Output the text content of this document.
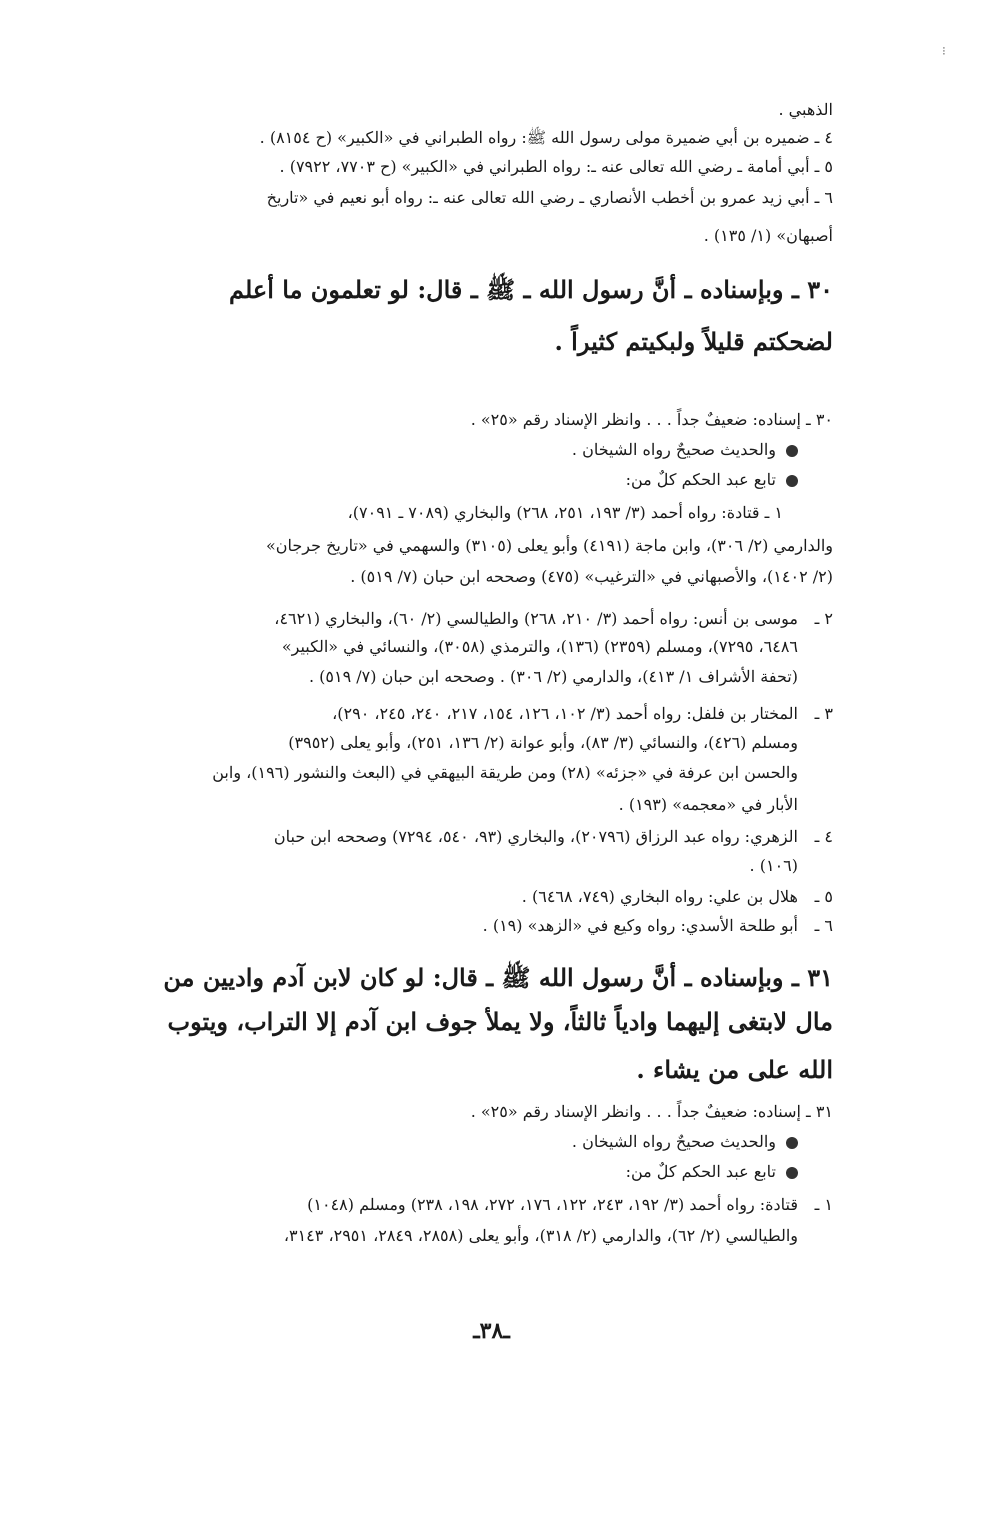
⁝
الذهبي .
٤ ـ ضميره بن أبي ضميرة مولى رسول الله ﷺ: رواه الطبراني في «الكبير» (ح ٨١٥٤) .
٥ ـ أبي أمامة ـ رضي الله تعالى عنه ـ: رواه الطبراني في «الكبير» (ح ٧٧٠٣، ٧٩٢٢) .
٦ ـ أبي زيد عمرو بن أخطب الأنصاري ـ رضي الله تعالى عنه ـ: رواه أبو نعيم في «تاريخ
أصبهان» (١/ ١٣٥) .
٣٠ ـ وبإسناده ـ أنَّ رسول الله ـ ﷺ ـ قال: لو تعلمون ما أعلم
لضحكتم قليلاً ولبكيتم كثيراً .
٣٠ ـ إسناده: ضعيفٌ جداً . . . وانظر الإسناد رقم «٢٥» .
والحديث صحيحٌ رواه الشيخان .
تابع عبد الحكم كلٌ من:
١ ـ قتادة: رواه أحمد (٣/ ١٩٣، ٢٥١، ٢٦٨) والبخاري (٧٠٨٩ ـ ٧٠٩١)،
والدارمي (٢/ ٣٠٦)، وابن ماجة (٤١٩١) وأبو يعلى (٣١٠٥) والسهمي في «تاريخ جرجان»
(٢/ ١٤٠٢)، والأصبهاني في «الترغيب» (٤٧٥) وصححه ابن حبان (٧/ ٥١٩) .
٢ ـ
موسى بن أنس: رواه أحمد (٣/ ٢١٠، ٢٦٨) والطيالسي (٢/ ٦٠)، والبخاري (٤٦٢١،
٦٤٨٦، ٧٢٩٥)، ومسلم (٢٣٥٩) (١٣٦)، والترمذي (٣٠٥٨)، والنسائي في «الكبير»
(تحفة الأشراف ١/ ٤١٣)، والدارمي (٢/ ٣٠٦) . وصححه ابن حبان (٧/ ٥١٩) .
٣ ـ
المختار بن فلفل: رواه أحمد (٣/ ١٠٢، ١٢٦، ١٥٤، ٢١٧، ٢٤٠، ٢٤٥، ٢٩٠)،
ومسلم (٤٢٦)، والنسائي (٣/ ٨٣)، وأبو عوانة (٢/ ١٣٦، ٢٥١)، وأبو يعلى (٣٩٥٢)
والحسن ابن عرفة في «جزئه» (٢٨) ومن طريقة البيهقي في (البعث والنشور (١٩٦)، وابن
الأبار في «معجمه» (١٩٣) .
٤ ـ
الزهري: رواه عبد الرزاق (٢٠٧٩٦)، والبخاري (٩٣، ٥٤٠، ٧٢٩٤) وصححه ابن حبان
(١٠٦) .
٥ ـ
هلال بن علي: رواه البخاري (٧٤٩، ٦٤٦٨) .
٦ ـ
أبو طلحة الأسدي: رواه وكيع في «الزهد» (١٩) .
٣١ ـ وبإسناده ـ أنَّ رسول الله ﷺ ـ قال: لو كان لابن آدم واديين من
مال لابتغى إليهما وادياً ثالثاً، ولا يملأ جوف ابن آدم إلا التراب، ويتوب
الله على من يشاء .
٣١ ـ إسناده: ضعيفٌ جداً . . . وانظر الإسناد رقم «٢٥» .
والحديث صحيحٌ رواه الشيخان .
تابع عبد الحكم كلٌ من:
١ ـ
قتادة: رواه أحمد (٣/ ١٩٢، ٢٤٣، ١٢٢، ١٧٦، ٢٧٢، ١٩٨، ٢٣٨) ومسلم (١٠٤٨)
والطيالسي (٢/ ٦٢)، والدارمي (٢/ ٣١٨)، وأبو يعلى (٢٨٥٨، ٢٨٤٩، ٢٩٥١، ٣١٤٣،
ـ٣٨ـ
